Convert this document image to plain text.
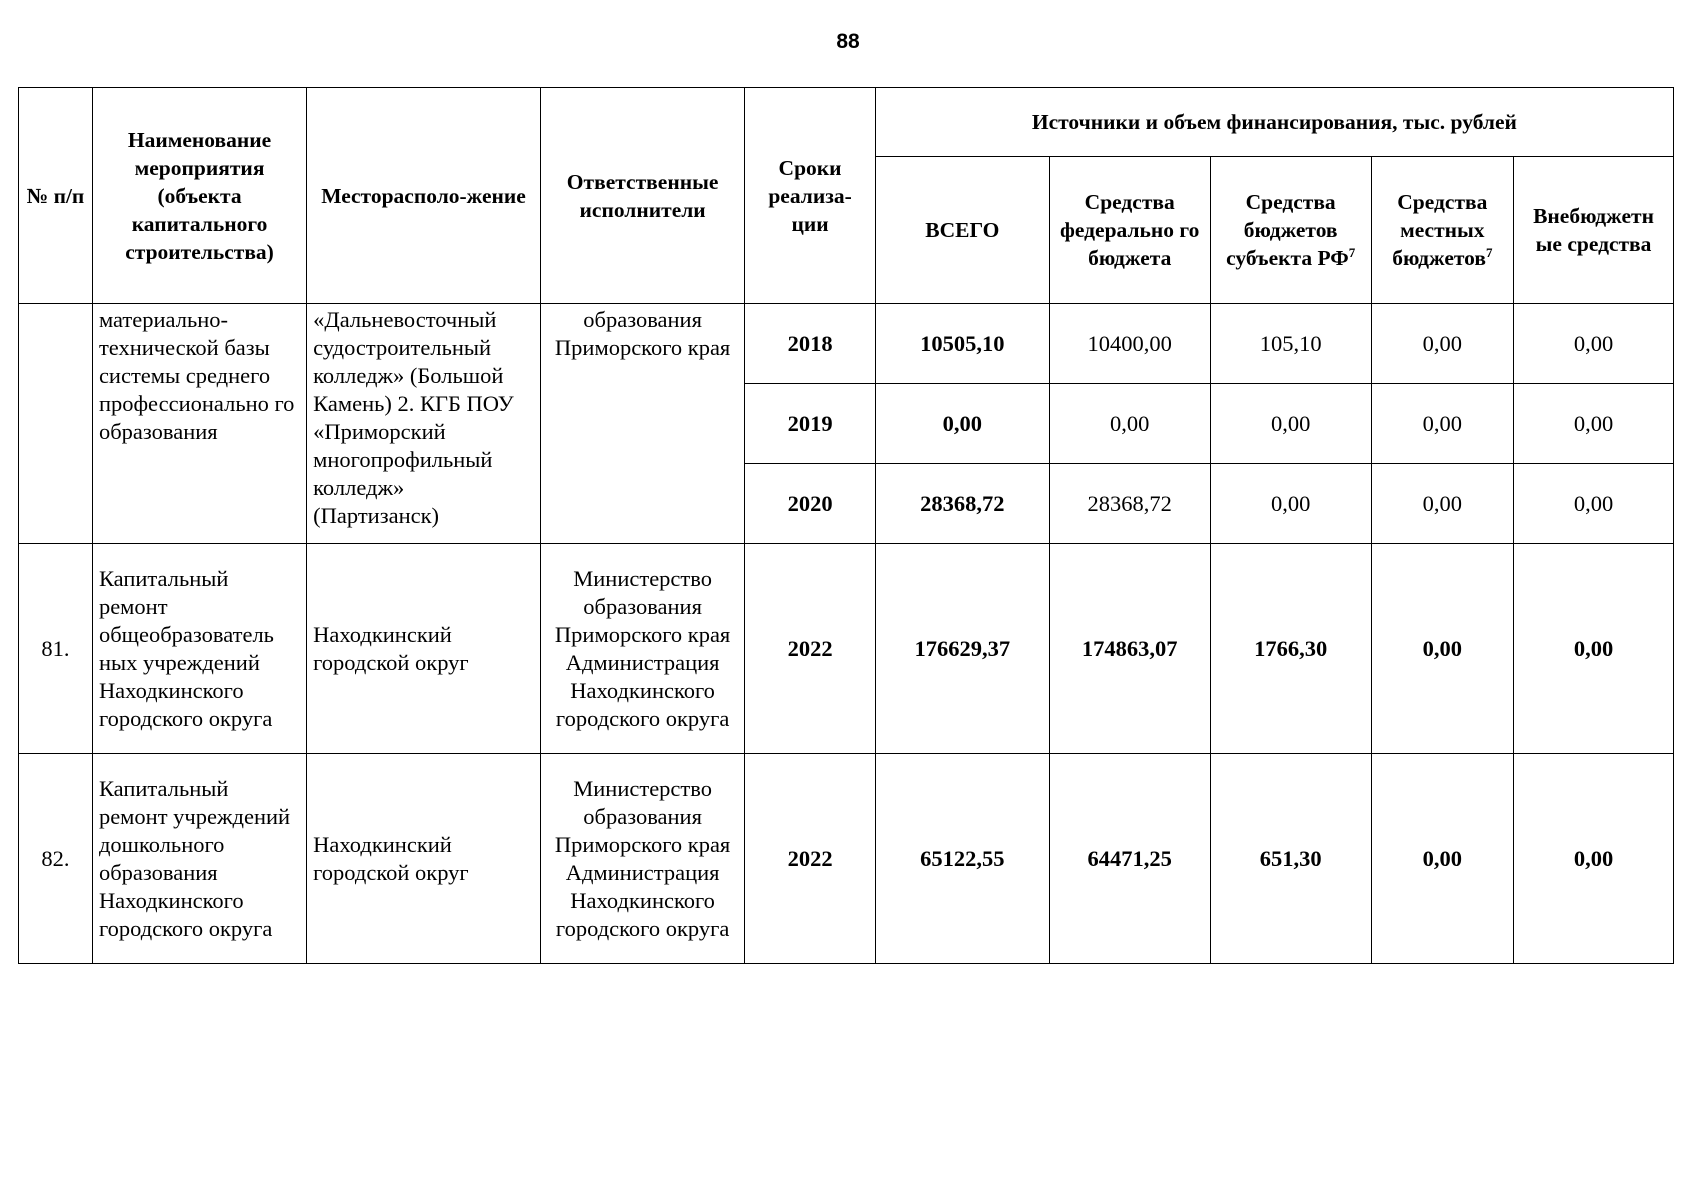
88
№ п/п	Наименование мероприятия (объекта капитального строительства)	Месторасполо-жение	Ответственные исполнители	Сроки реализа-ции	Источники и объем финансирования, тыс. рублей				
					ВСЕГО	Средства федерально го бюджета	Средства бюджетов субъекта $РФ^7$	Средства местных бюджетов$^7$	Внебюджетн ые средства
	материально-технической базы системы среднего профессионально го образования	«Дальневосточный судостроительный колледж» (Большой Камень) 2. КГБ ПОУ «Приморский многопрофильный колледж» (Партизанск)	образования Приморского края	2018	10505,10	10400,00	105,10	0,00	0,00
				2019	0,00	0,00	0,00	0,00	0,00
				2020	28368,72	28368,72	0,00	0,00	0,00
81.	Капитальный ремонт общеобразователь ных учреждений Находкинского городского округа	Находкинский городской округ	Министерство образования Приморского края Администрация Находкинского городского округа	2022	176629,37	174863,07	1766,30	0,00	0,00
82.	Капитальный ремонт учреждений дошкольного образования Находкинского городского округа	Находкинский городской округ	Министерство образования Приморского края Администрация Находкинского городского округа	2022	65122,55	64471,25	651,30	0,00	0,00
